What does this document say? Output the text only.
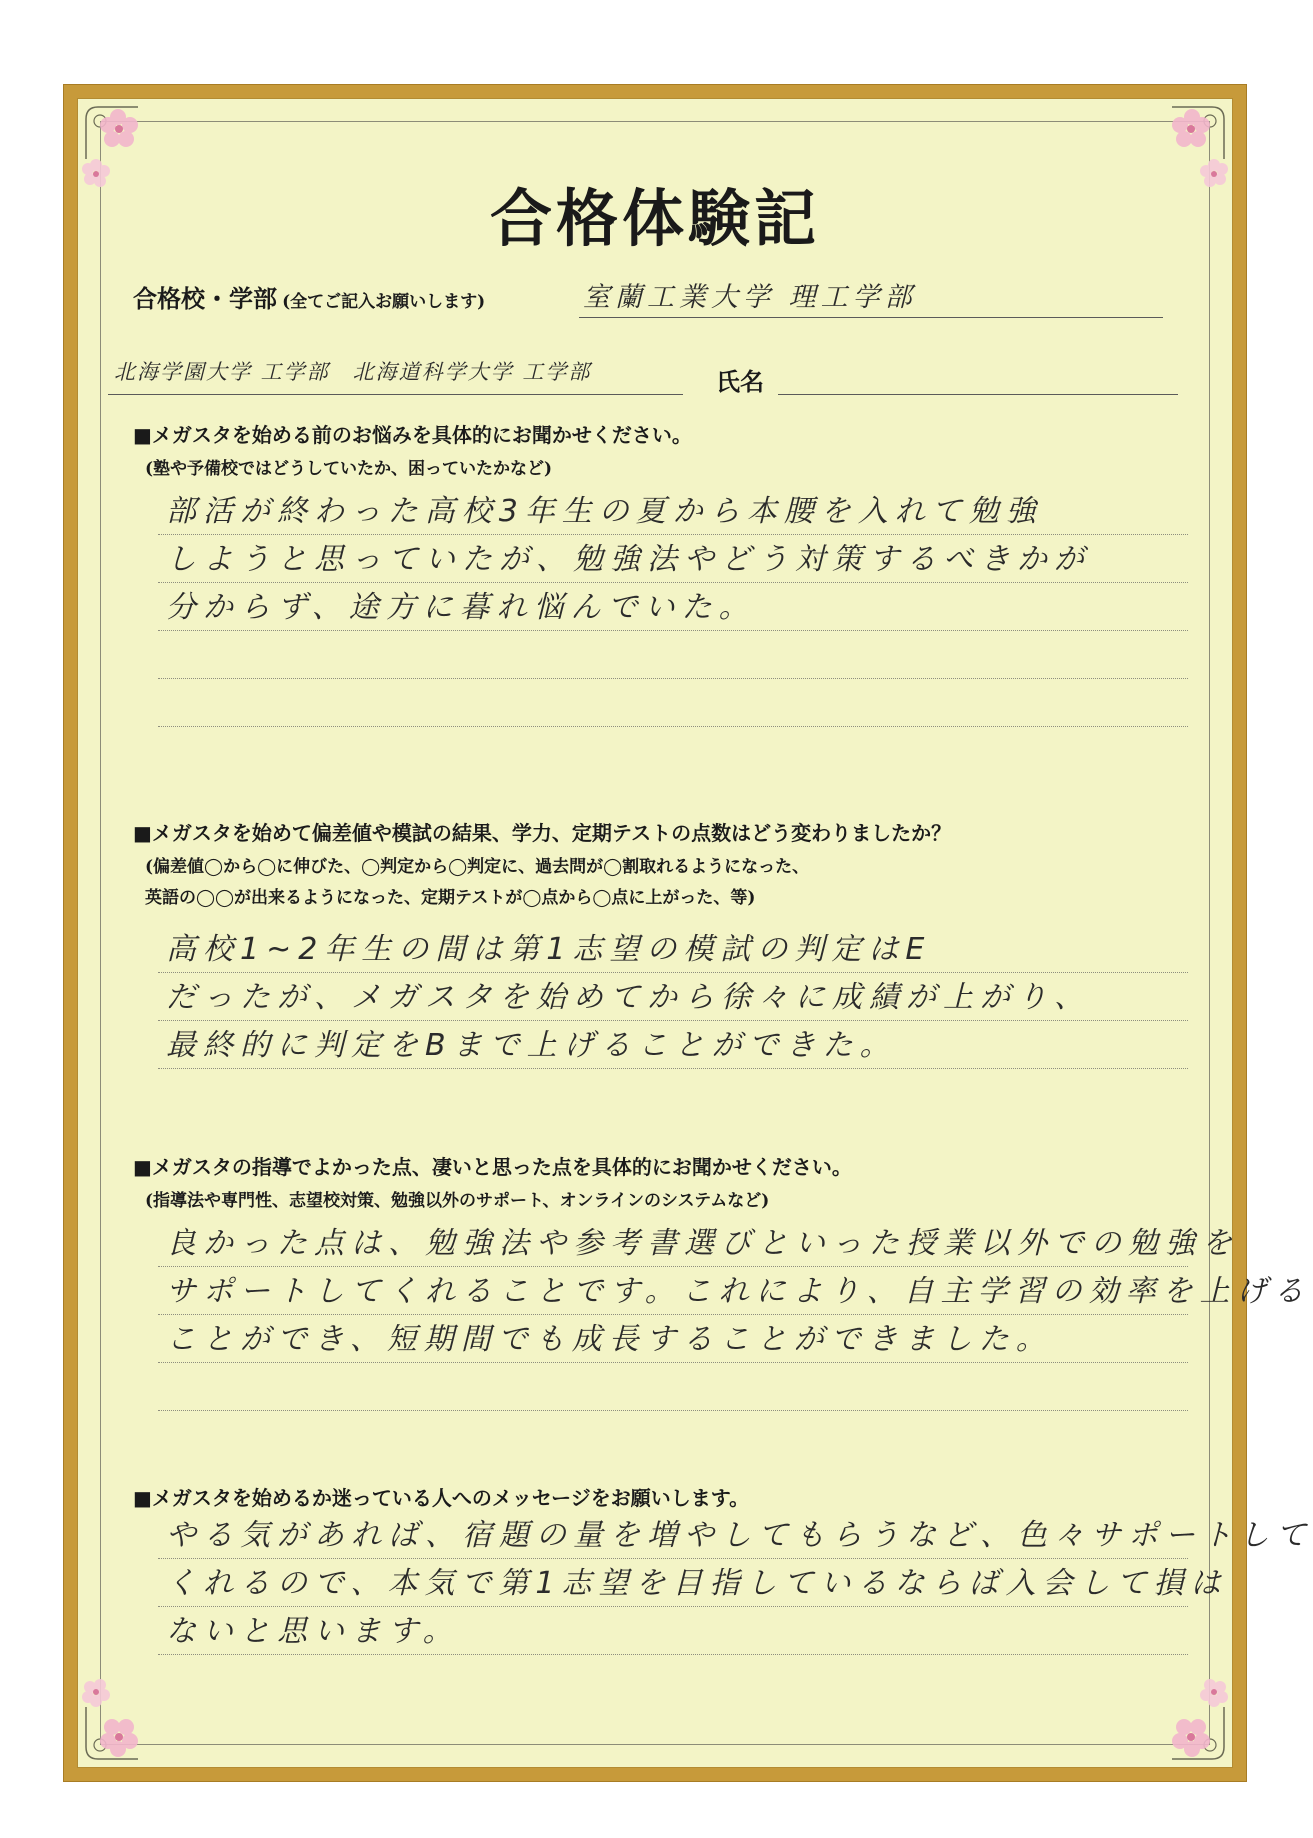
合格体験記
合格校・学部 (全てご記入お願いします)	室蘭工業大学 理工学部
北海学園大学 工学部　北海道科学大学 工学部	氏名
■メガスタを始める前のお悩みを具体的にお聞かせください。
(塾や予備校ではどうしていたか、困っていたかなど)
部活が終わった高校3年生の夏から本腰を入れて勉強
しようと思っていたが、勉強法やどう対策するべきかが
分からず、途方に暮れ悩んでいた。
■メガスタを始めて偏差値や模試の結果、学力、定期テストの点数はどう変わりましたか？
(偏差値◯から◯に伸びた、◯判定から◯判定に、過去問が◯割取れるようになった、
英語の◯◯が出来るようになった、定期テストが◯点から◯点に上がった、等)
高校1~2年生の間は第1志望の模試の判定はE
だったが、メガスタを始めてから徐々に成績が上がり、
最終的に判定をBまで上げることができた。
■メガスタの指導でよかった点、凄いと思った点を具体的にお聞かせください。
(指導法や専門性、志望校対策、勉強以外のサポート、オンラインのシステムなど)
良かった点は、勉強法や参考書選びといった授業以外での勉強を
サポートしてくれることです。これにより、自主学習の効率を上げる
ことができ、短期間でも成長することができました。
■メガスタを始めるか迷っている人へのメッセージをお願いします。
やる気があれば、宿題の量を増やしてもらうなど、色々サポートして
くれるので、本気で第1志望を目指しているならば入会して損は
ないと思います。
